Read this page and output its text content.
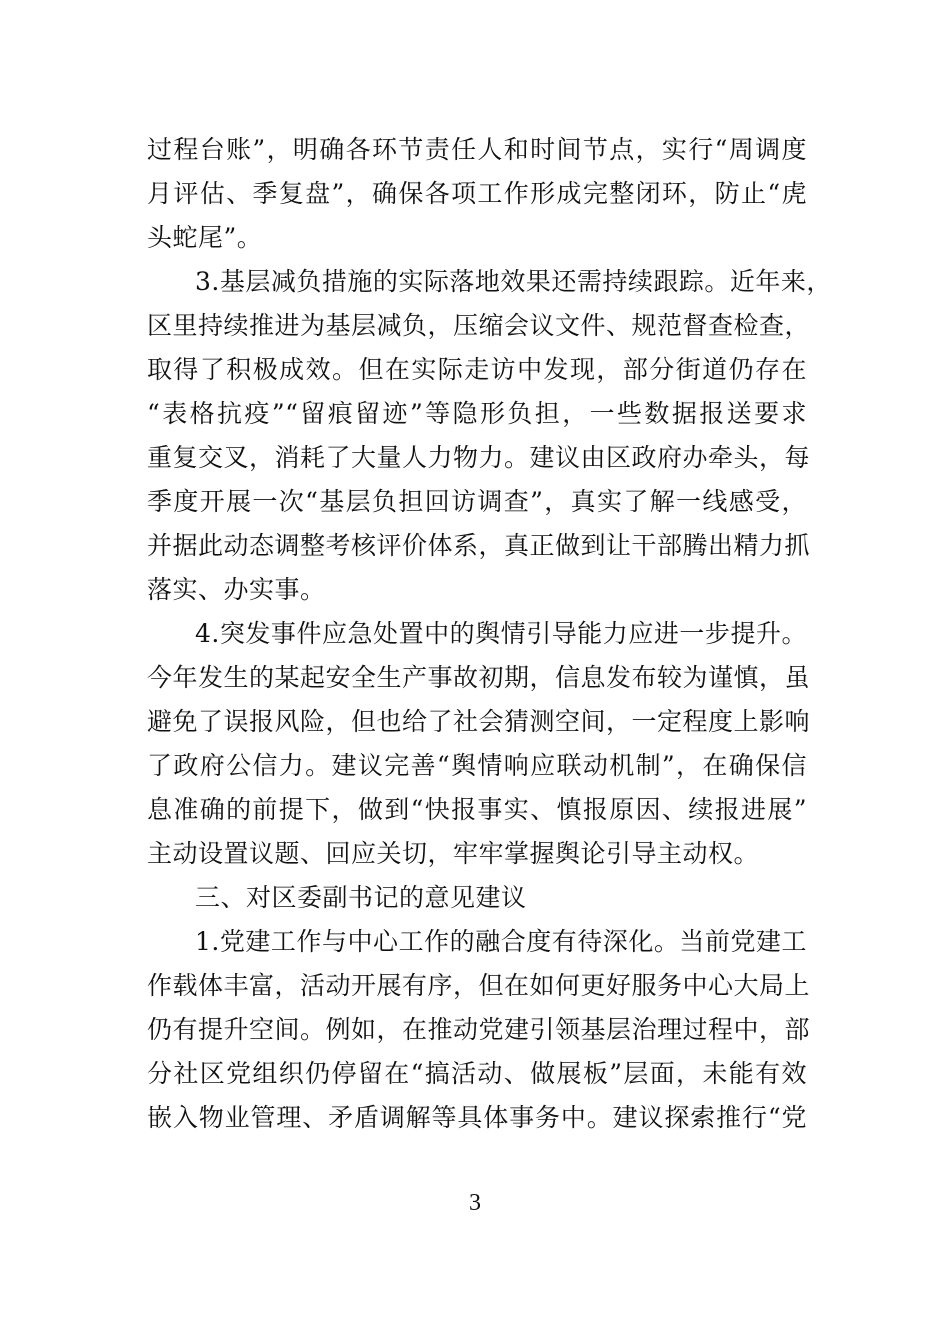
过程台账”，明确各环节责任人和时间节点，实行“周调度
月评估、季复盘”，确保各项工作形成完整闭环，防止“虎
头蛇尾”。
3.基层减负措施的实际落地效果还需持续跟踪。近年来，
区里持续推进为基层减负，压缩会议文件、规范督查检查，
取得了积极成效。但在实际走访中发现，部分街道仍存在
“表格抗疫”“留痕留迹”等隐形负担，一些数据报送要求
重复交叉，消耗了大量人力物力。建议由区政府办牵头，每
季度开展一次“基层负担回访调查”，真实了解一线感受，
并据此动态调整考核评价体系，真正做到让干部腾出精力抓
落实、办实事。
4.突发事件应急处置中的舆情引导能力应进一步提升。
今年发生的某起安全生产事故初期，信息发布较为谨慎，虽
避免了误报风险，但也给了社会猜测空间，一定程度上影响
了政府公信力。建议完善“舆情响应联动机制”，在确保信
息准确的前提下，做到“快报事实、慎报原因、续报进展”
主动设置议题、回应关切，牢牢掌握舆论引导主动权。
三、对区委副书记的意见建议
1.党建工作与中心工作的融合度有待深化。当前党建工
作载体丰富，活动开展有序，但在如何更好服务中心大局上
仍有提升空间。例如，在推动党建引领基层治理过程中，部
分社区党组织仍停留在“搞活动、做展板”层面，未能有效
嵌入物业管理、矛盾调解等具体事务中。建议探索推行“党
3
